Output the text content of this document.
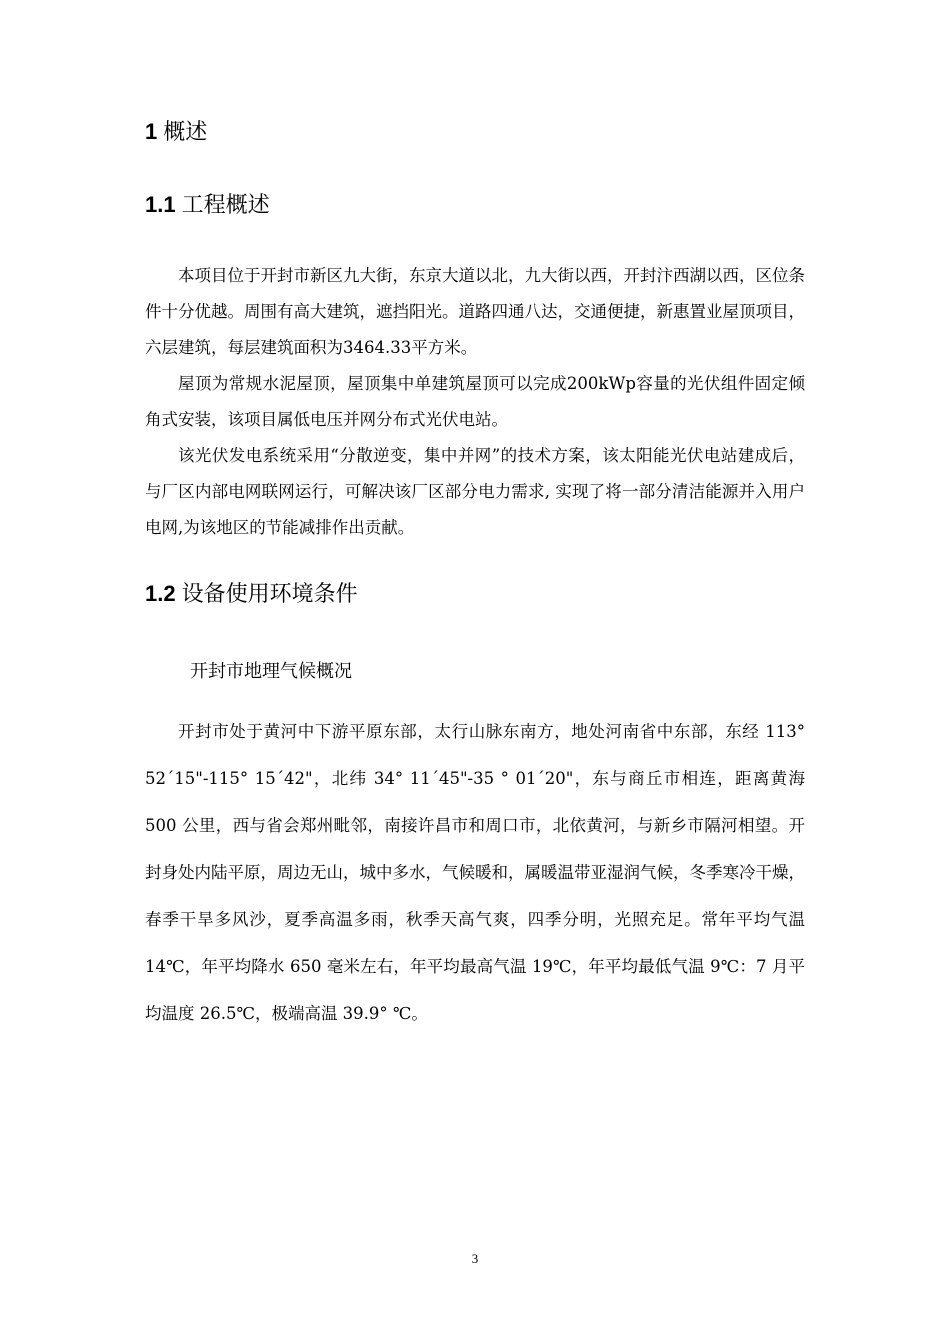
1 概述
1.1 工程概述

本项目位于开封市新区九大街，东京大道以北，九大街以西，开封汴西湖以西，区位条件十分优越。周围有高大建筑，遮挡阳光。道路四通八达，交通便捷，新惠置业屋顶项目，六层建筑，每层建筑面积为3464.33平方米。

屋顶为常规水泥屋顶，屋顶集中单建筑屋顶可以完成200kWp容量的光伏组件固定倾角式安装，该项目属低电压并网分布式光伏电站。

该光伏发电系统采用“分散逆变，集中并网”的技术方案，该太阳能光伏电站建成后，与厂区内部电网联网运行，可解决该厂区部分电力需求, 实现了将一部分清洁能源并入用户电网,为该地区的节能减排作出贡献。

1.2 设备使用环境条件
开封市地理气候概况

开封市处于黄河中下游平原东部，太行山脉东南方，地处河南省中东部，东经 113° 52´15"-115° 15´42"，北纬 34° 11´45"-35 ° 01´20"，东与商丘市相连，距离黄海 500 公里，西与省会郑州毗邻，南接许昌市和周口市，北依黄河，与新乡市隔河相望。开封身处内陆平原，周边无山，城中多水，气候暖和，属暖温带亚湿润气候，冬季寒冷干燥，春季干旱多风沙，夏季高温多雨，秋季天高气爽，四季分明，光照充足。常年平均气温 14℃，年平均降水 650 毫米左右，年平均最高气温 19℃，年平均最低气温 9℃：7 月平均温度 26.5℃，极端高温 39.9° ℃。

3
